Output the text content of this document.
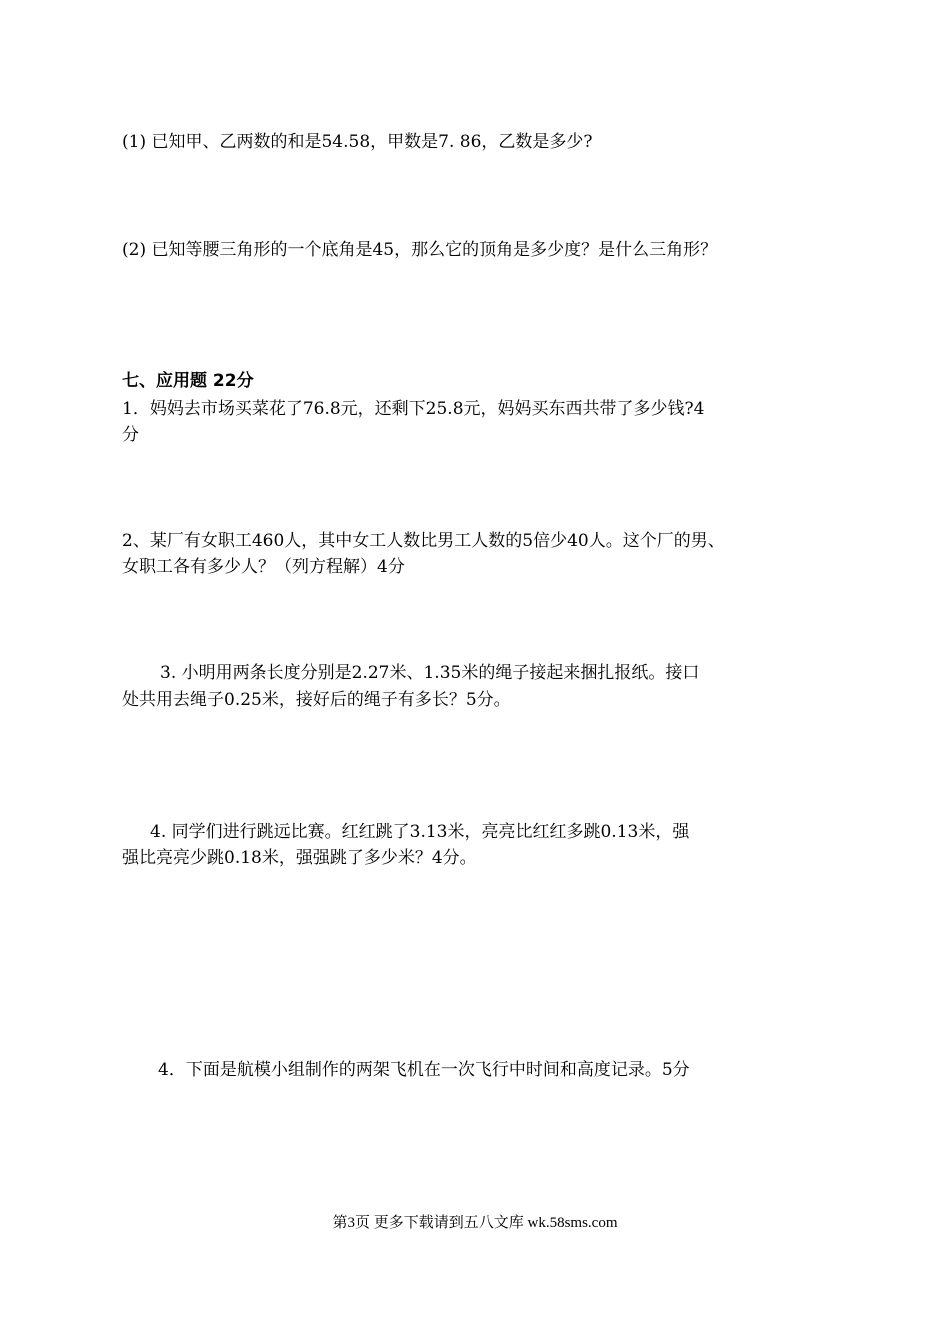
(1) 已知甲、乙两数的和是54.58，甲数是7. 86，乙数是多少?
(2) 已知等腰三角形的一个底角是45，那么它的顶角是多少度？是什么三角形？
七、应用题 22分
1．妈妈去市场买菜花了76.8元，还剩下25.8元，妈妈买东西共带了多少钱?4
分
2、某厂有女职工460人，其中女工人数比男工人数的5倍少40人。这个厂的男、
女职工各有多少人？（列方程解）4分
3. 小明用两条长度分别是2.27米、1.35米的绳子接起来捆扎报纸。接口
处共用去绳子0.25米，接好后的绳子有多长？5分。
4. 同学们进行跳远比赛。红红跳了3.13米，亮亮比红红多跳0.13米，强
强比亮亮少跳0.18米，强强跳了多少米？4分。
4．下面是航模小组制作的两架飞机在一次飞行中时间和高度记录。5分
第3页 更多下载请到五八文库 wk.58sms.com
